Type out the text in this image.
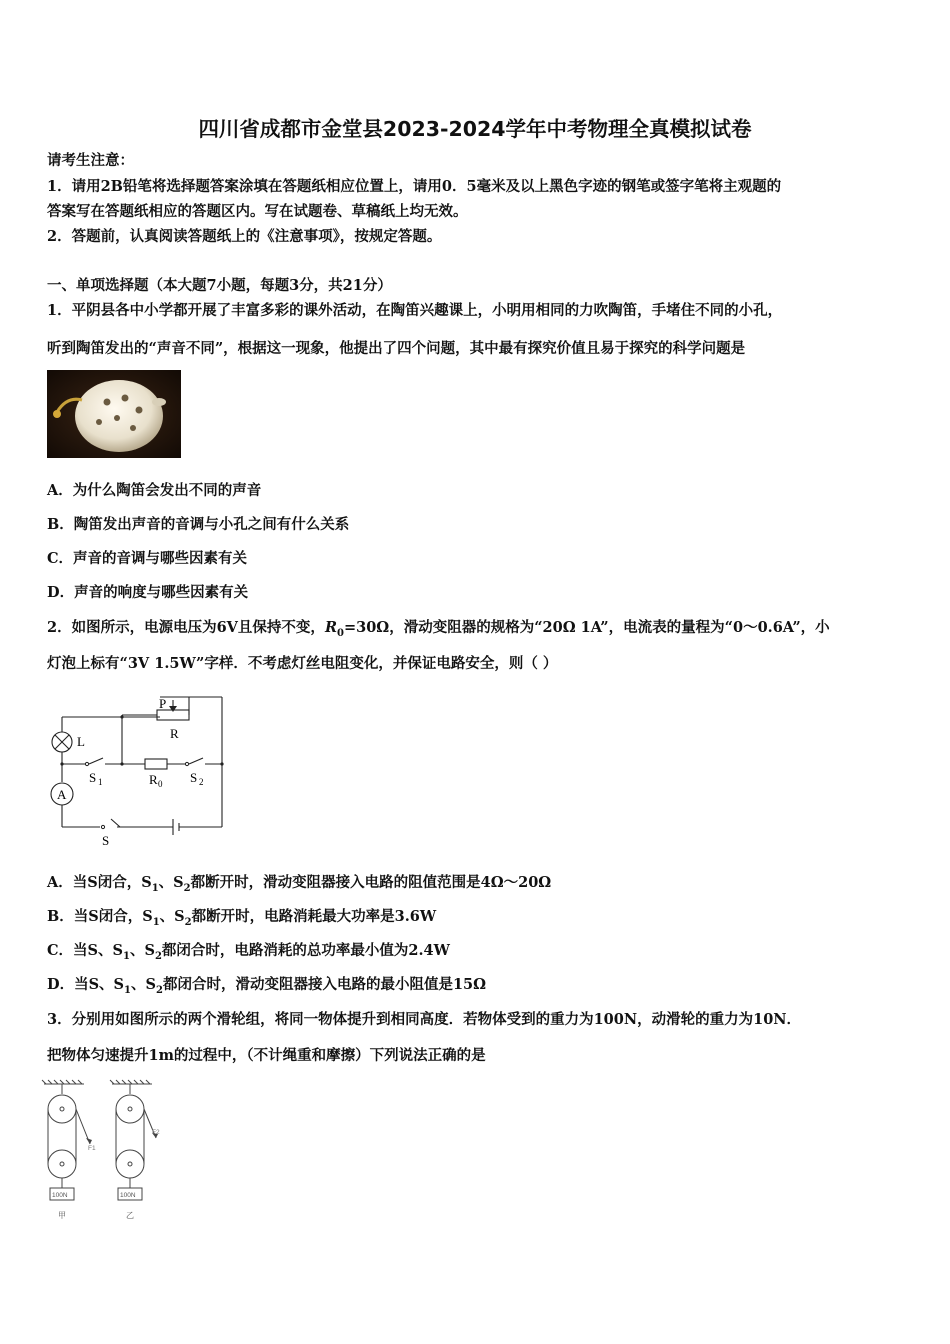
四川省成都市金堂县2023-2024学年中考物理全真模拟试卷
请考生注意：
1．请用2B铅笔将选择题答案涂填在答题纸相应位置上，请用0．5毫米及以上黑色字迹的钢笔或签字笔将主观题的
答案写在答题纸相应的答题区内。写在试题卷、草稿纸上均无效。
2．答题前，认真阅读答题纸上的《注意事项》，按规定答题。
一、单项选择题（本大题7小题，每题3分，共21分）
1．平阴县各中小学都开展了丰富多彩的课外活动，在陶笛兴趣课上，小明用相同的力吹陶笛，手堵住不同的小孔，
听到陶笛发出的“声音不同”，根据这一现象，他提出了四个问题，其中最有探究价值且易于探究的科学问题是
A．为什么陶笛会发出不同的声音
B．陶笛发出声音的音调与小孔之间有什么关系
C．声音的音调与哪些因素有关
D．声音的响度与哪些因素有关
2．如图所示，电源电压为6V且保持不变，$R_0=30\Omega$，滑动变阻器的规格为“20Ω 1A”，电流表的量程为“0～0.6A”，小
灯泡上标有“3V 1.5W”字样．不考虑灯丝电阻变化，并保证电路安全，则（ ）
P
R
L
A
S 1	R 0 S 2
S
A．当S闭合，$S_1$、$S_2$都断开时，滑动变阻器接入电路的阻值范围是4Ω～20Ω
B．当S闭合，$S_1$、$S_2$都断开时，电路消耗最大功率是3.6W
C．当S、$S_1$、$S_2$都闭合时，电路消耗的总功率最小值为2.4W
D．当S、$S_1$、$S_2$都闭合时，滑动变阻器接入电路的最小阻值是15Ω
3．分别用如图所示的两个滑轮组，将同一物体提升到相同高度．若物体受到的重力为100N，动滑轮的重力为10N．
把物体匀速提升1m的过程中，（不计绳重和摩擦）下列说法正确的是
100N	100N
F1
F2
甲	乙
